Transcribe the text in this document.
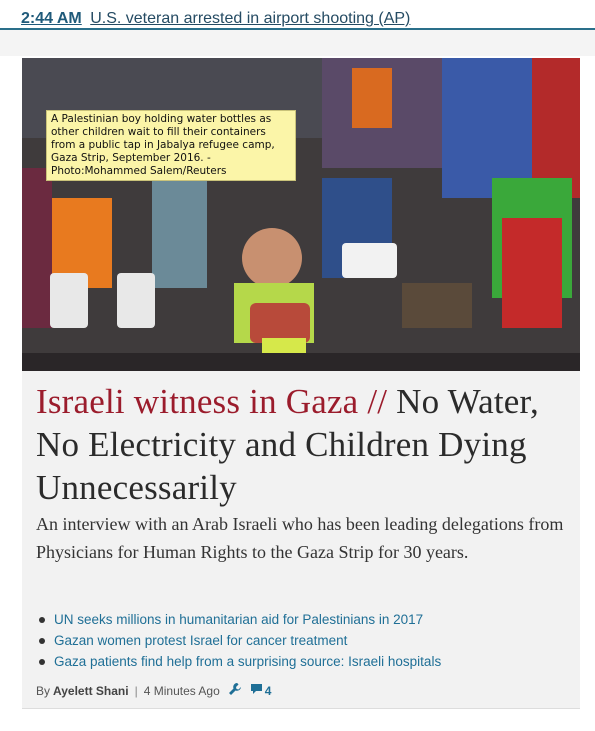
2:44 AM U.S. veteran arrested in airport shooting (AP)
A Palestinian boy holding water bottles as other children wait to fill their containers from a public tap in Jabalya refugee camp, Gaza Strip, September 2016. - Photo:Mohammed Salem/Reuters
Israeli witness in Gaza // No Water, No Electricity and Children Dying Unnecessarily

An interview with an Arab Israeli who has been leading delegations from Physicians for Human Rights to the Gaza Strip for 30 years.

UN seeks millions in humanitarian aid for Palestinians in 2017
Gazan women protest Israel for cancer treatment
Gaza patients find help from a surprising source: Israeli hospitals
By Ayelett Shani | 4 Minutes Ago	4
